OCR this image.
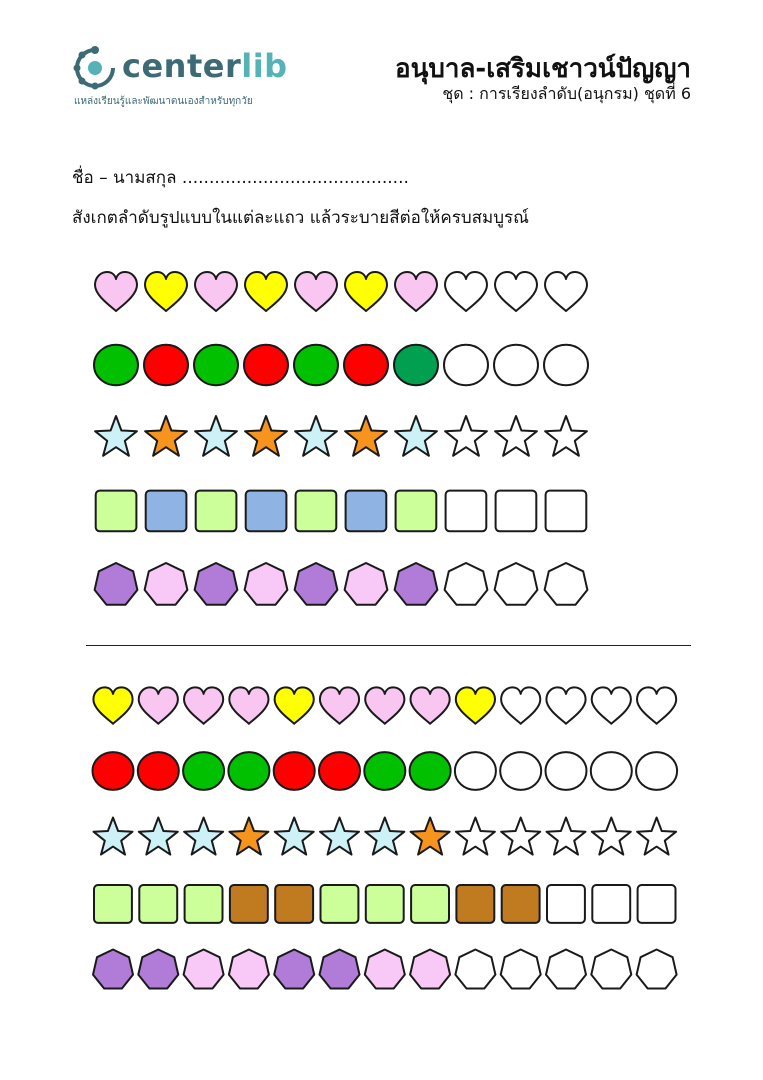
centerlib
แหล่งเรียนรู้และพัฒนาตนเองสำหรับทุกวัย
อนุบาล-เสริมเชาวน์ปัญญา
ชุด : การเรียงลำดับ(อนุกรม) ชุดที่ 6
ชื่อ – นามสกุล ..........................................
สังเกตลำดับรูปแบบในแต่ละแถว แล้วระบายสีต่อให้ครบสมบูรณ์
